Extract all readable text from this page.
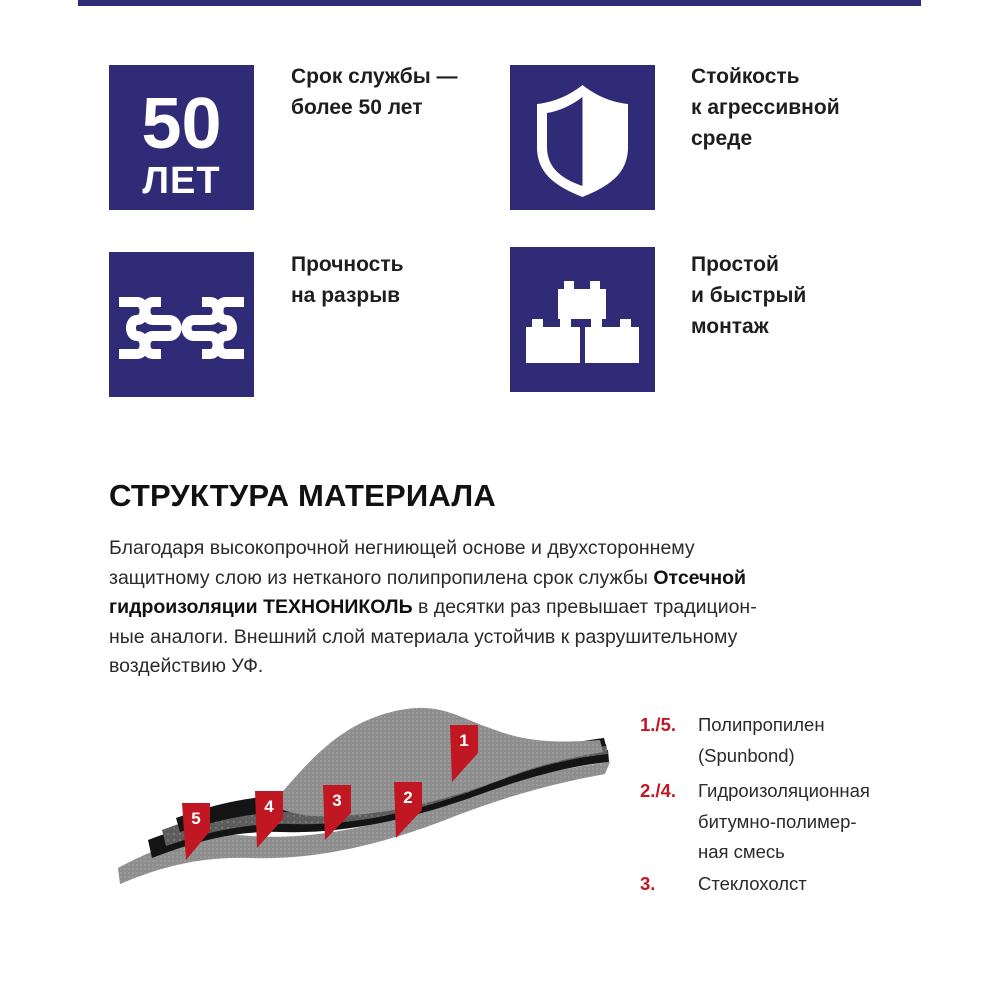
50
ЛЕТ
Срок службы —
более 50 лет
Стойкость
к агрессивной
среде
Прочность
на разрыв
Простой
и быстрый
монтаж
СТРУКТУРА МАТЕРИАЛА
Благодаря высокопрочной негниющей основе и двухстороннему
защитному слою из нетканого полипропилена срок службы Отсечной
гидроизоляции ТЕХНОНИКОЛЬ в десятки раз превышает традицион-
ные аналоги. Внешний слой материала устойчив к разрушительному
воздействию УФ.
1
2
3
4
5
1./5. Полипропилен
(Spunbond)
2./4. Гидроизоляционная
битумно-полимер-
ная смесь
3. Стеклохолст
